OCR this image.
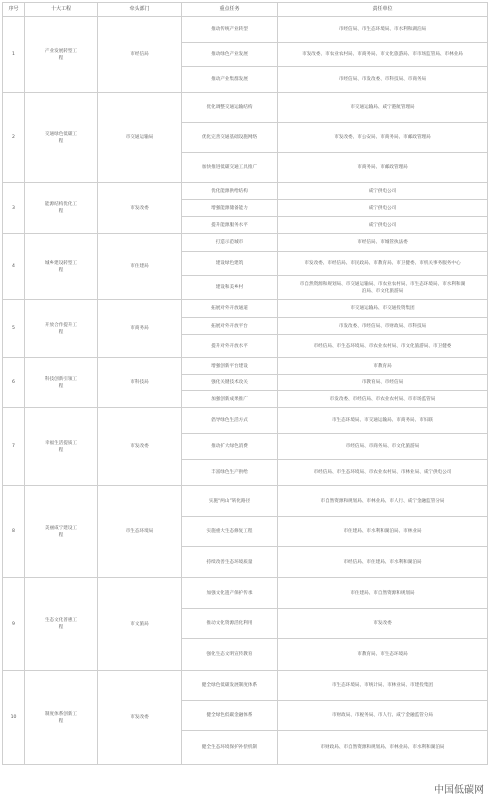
序号	十大工程	牵头部门	重点任务	责任单位
1	产业发展转型工程	市经信局	推动传统产业转型	市经信局、市生态环境局、市水利和湖泊局
			推动绿色产业发展	市发改委、市农业农村局、市商务局、市文化旅游局、市市场监管局、市林业局
			推动产业集群发展	市经信局、市发改委、市科技局、市商务局
2	交通绿色低碳工程	市交通运输局	优化调整交通运输结构	市交通运输局、咸宁港航管理局
			优化完善交通基础设施网络	市发改委、市公安局、市商务局、市邮政管理局
			加快推进低碳交通工具推广	市商务局、市邮政管理局
3	能源结构优化工程	市发改委	优化能源供给结构	咸宁供电公司
			增强能源储备能力	咸宁供电公司
			提升能源服务水平	咸宁供电公司
4	城乡建设转型工程	市住建局	打造示范城市	市经信局、市城管执法委
			建设绿色建筑	市发改委、市经信局、市民政局、市教育局、市卫健委、市机关事务服务中心
			建设和美乡村	市自然资源和规划局、市交通运输局、市农业农村局、市生态环境局、市水利和湖泊局、市文化旅游局
5	开放合作提升工程	市商务局	拓展对外开放通道	市交通运输局、市交通投资集团
			拓展对外开放平台	市发改委、市经信局、市财政局、市科技局
			提升对外开放水平	市经信局、市生态环境局、市农业农村局、市文化旅游局、市卫健委
6	科技创新引领工程	市科技局	增强创新平台建设	市教育局
			强化关键技术攻关	市教育局、市经信局
			加强创新成果推广	市发改委、市经信局、市农业农村局、市市场监管局
7	幸福生活提质工程	市发改委	倡导绿色生活方式	市生态环境局、市交通运输局、市商务局、市妇联
			推动扩大绿色消费	市经信局、市商务局、市文化旅游局
			丰富绿色生产供给	市经信局、市生态环境局、市农业农村局、市林业局、咸宁供电公司
8	美丽咸宁建设工程	市生态环境局	实施“两山”转化路径	市自然资源和规划局、市林业局、市人行、咸宁金融监管分局
			实施重大生态修复工程	市住建局、市水利和湖泊局、市林业局
			持续改善生态环境质量	市经信局、市住建局、市水利和湖泊局
9	生态文化普惠工程	市文旅局	加强文化遗产保护传承	市住建局、市自然资源和规划局
			推动文化资源活化利用	市发改委
			强化生态文明宣传教育	市教育局、市生态环境局
10	制度体系创新工程	市发改委	健全绿色低碳发展制度体系	市生态环境局、市统计局、市林业局、市建投集团
			健全绿色低碳金融体系	市财政局、市税务局、市人行、咸宁金融监管分局
			健全生态环境保护补偿机制	市财政局、市自然资源和规划局、市林业局、市水利和湖泊局
中国低碳网
